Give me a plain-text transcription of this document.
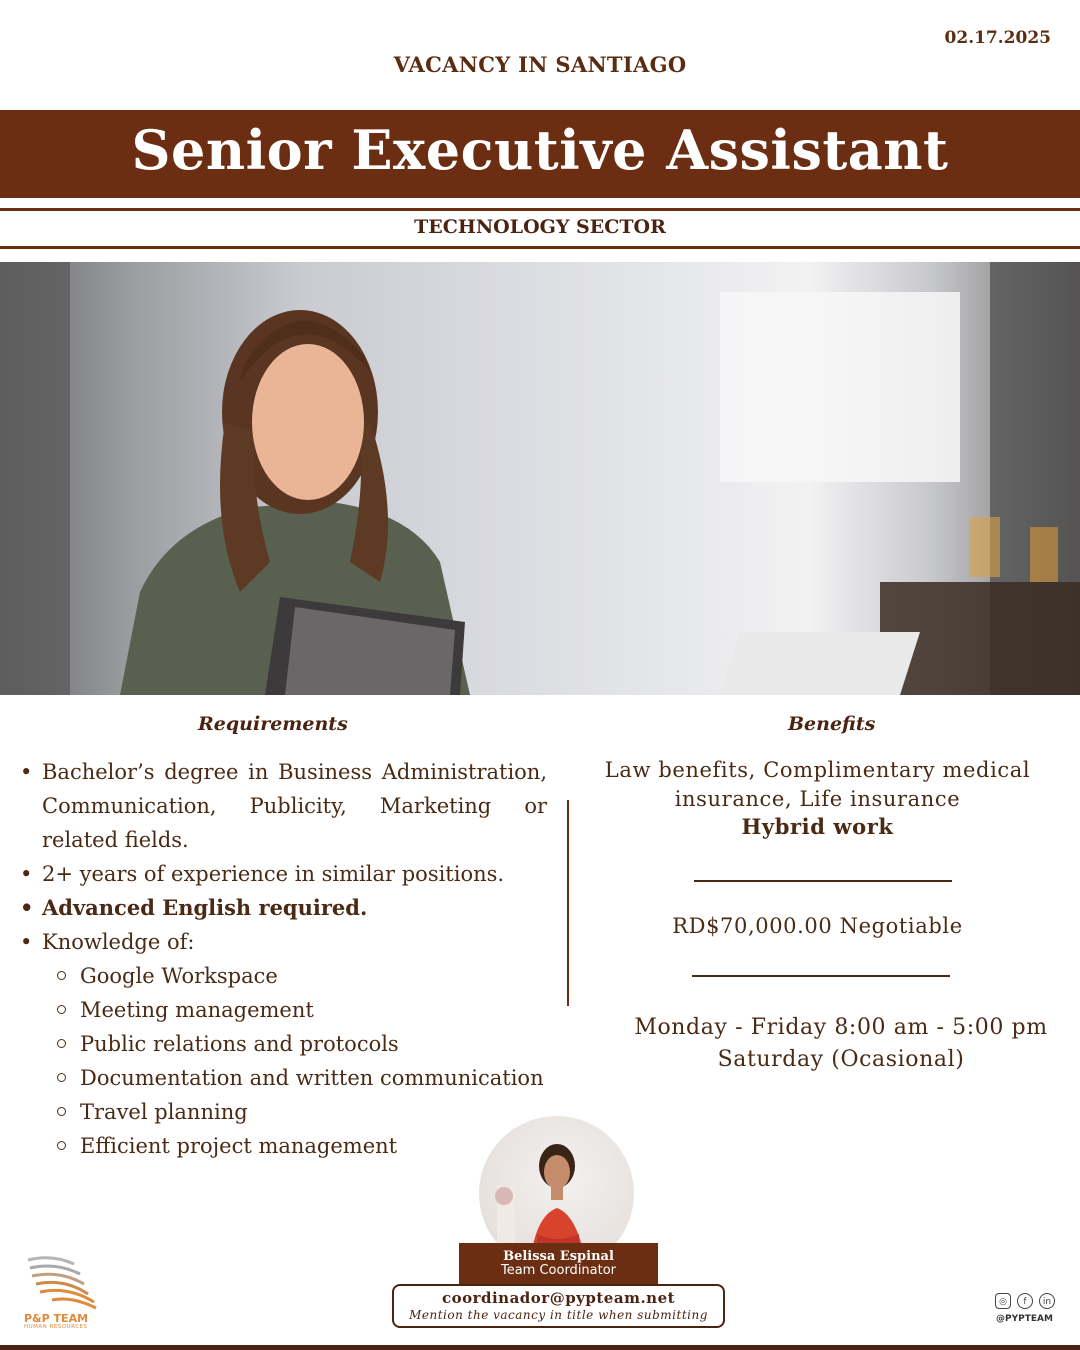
02.17.2025
VACANCY IN SANTIAGO
Senior Executive Assistant
TECHNOLOGY SECTOR
Requirements	Benefits
• Bachelor’s degree in Business Administration, Communication, Publicity, Marketing or related fields.
• 2+ years of experience in similar positions.
• Advanced English required.
• Knowledge of:
Google Workspace
Meeting management
Public relations and protocols
Documentation and written communication
Travel planning
Efficient project management
Law benefits, Complimentary medical insurance, Life insurance
Hybrid work
RD$70,000.00 Negotiable
Monday - Friday 8:00 am - 5:00 pm
Saturday (Ocasional)
Belissa Espinal
Team Coordinator
coordinador@pypteam.net
Mention the vacancy in title when submitting
P&P TEAM
HUMAN RESOURCES
◎	f	in
@PYPTEAM
